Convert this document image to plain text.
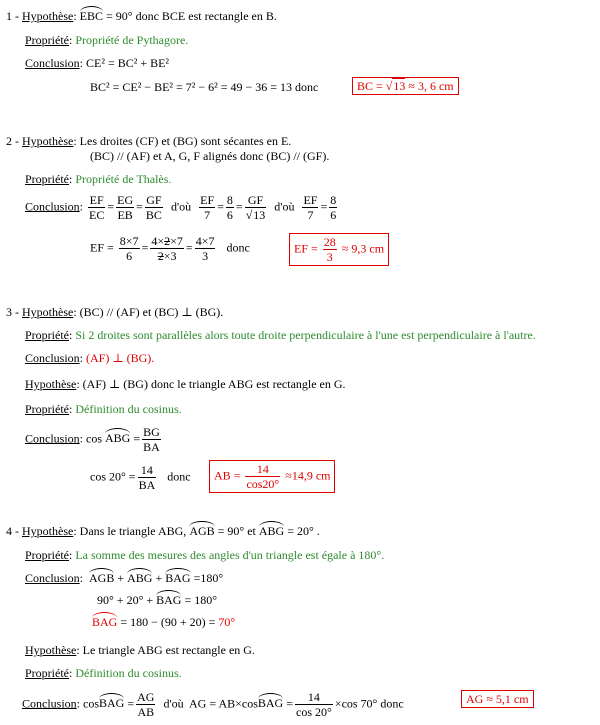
1 - Hypothèse: EBC = 90° donc BCE est rectangle en B.
Propriété: Propriété de Pythagore.
Conclusion: CE² = BC² + BE²
BC² = CE² − BE² = 7² − 6² = 49 − 36 = 13 donc	BC = √13 ≈ 3, 6 cm
2 - Hypothèse: Les droites (CF) et (BG) sont sécantes en E.
(BC) // (AF) et A, G, F alignés donc (BC) // (GF).
Propriété: Propriété de Thalès.
Conclusion: $\frac{EF}{EC} = \frac{EG}{EB} = \frac{GF}{BC}$ d'où $\frac{EF}{7} = \frac{8}{6} = \frac{GF}{√13}$ d'où $\frac{EF}{7} = \frac{8}{6}$
EF = $\frac{8\times 7}{6} = \frac{4\times 2\times 7}{2\times 3} = \frac{4\times 7}{3}$ donc	EF = $\frac{28}{3} \approx 9,3$ cm
3 - Hypothèse: (BC) // (AF) et (BC) ⊥ (BG).
Propriété: Si 2 droites sont parallèles alors toute droite perpendiculaire à l'une est perpendiculaire à l'autre.
Conclusion: (AF) ⊥ (BG).
Hypothèse: (AF) ⊥ (BG) donc le triangle ABG est rectangle en G.
Propriété: Définition du cosinus.
Conclusion: cos ABG = $\frac{BG}{BA}$
$\cos 20^\circ = \frac{14}{BA}$ donc	AB = $\frac{14}{\cos 20^\circ} \approx 14,9$ cm
4 - Hypothèse: Dans le triangle ABG, AGB = 90° et ABG = 20° .
Propriété: La somme des mesures des angles d'un triangle est égale à 180°.
Conclusion:  AGB + ABG + BAG =180°
90° + 20° + BAG = 180°
BAG = 180 − (90 + 20) = 70°
Hypothèse: Le triangle ABG est rectangle en G.
Propriété: Définition du cosinus.
Conclusion: cosBAG = $\frac{AG}{AB}$ d'où AG = AB×cosBAG = $\frac{14}{\cos 20^\circ} \times\cos$ 70° donc	AG ≈ 5,1 cm
